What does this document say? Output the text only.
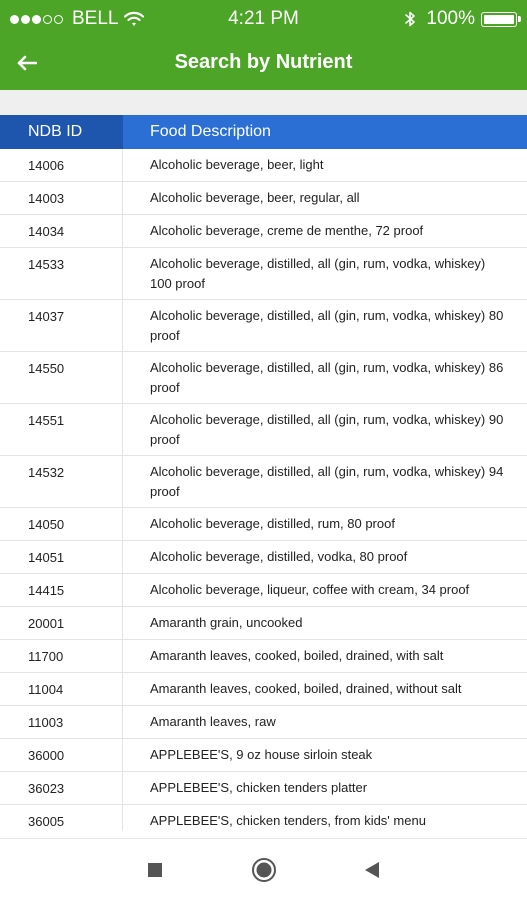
BELL	4:21 PM	100%
Search by Nutrient
NDB ID	Food Description
14006	Alcoholic beverage, beer, light
14003	Alcoholic beverage, beer, regular, all
14034	Alcoholic beverage, creme de menthe, 72 proof
14533	Alcoholic beverage, distilled, all (gin, rum, vodka, whiskey) 100 proof
14037	Alcoholic beverage, distilled, all (gin, rum, vodka, whiskey) 80 proof
14550	Alcoholic beverage, distilled, all (gin, rum, vodka, whiskey) 86 proof
14551	Alcoholic beverage, distilled, all (gin, rum, vodka, whiskey) 90 proof
14532	Alcoholic beverage, distilled, all (gin, rum, vodka, whiskey) 94 proof
14050	Alcoholic beverage, distilled, rum, 80 proof
14051	Alcoholic beverage, distilled, vodka, 80 proof
14415	Alcoholic beverage, liqueur, coffee with cream, 34 proof
20001	Amaranth grain, uncooked
11700	Amaranth leaves, cooked, boiled, drained, with salt
11004	Amaranth leaves, cooked, boiled, drained, without salt
11003	Amaranth leaves, raw
36000	APPLEBEE'S, 9 oz house sirloin steak
36023	APPLEBEE'S, chicken tenders platter
36005	APPLEBEE'S, chicken tenders, from kids' menu
